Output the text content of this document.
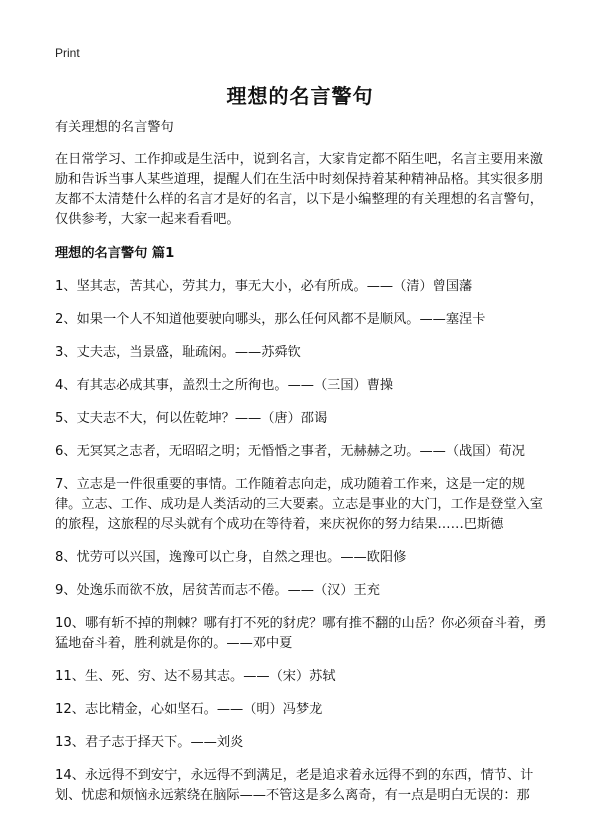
Print
理想的名言警句

有关理想的名言警句

在日常学习、工作抑或是生活中，说到名言，大家肯定都不陌生吧，名言主要用来激励和告诉当事人某些道理，提醒人们在生活中时刻保持着某种精神品格。其实很多朋友都不太清楚什么样的名言才是好的名言，以下是小编整理的有关理想的名言警句，仅供参考，大家一起来看看吧。

理想的名言警句 篇1

1、坚其志，苦其心，劳其力，事无大小，必有所成。——（清）曾国藩

2、如果一个人不知道他要驶向哪头，那么任何风都不是顺风。——塞涅卡

3、丈夫志，当景盛，耻疏闲。——苏舜钦

4、有其志必成其事，盖烈士之所徇也。——（三国）曹操

5、丈夫志不大，何以佐乾坤？——（唐）邵谒

6、无冥冥之志者，无昭昭之明；无惛惛之事者，无赫赫之功。——（战国）荀况

7、立志是一件很重要的事情。工作随着志向走，成功随着工作来，这是一定的规律。立志、工作、成功是人类活动的三大要素。立志是事业的大门，工作是登堂入室的旅程，这旅程的尽头就有个成功在等待着，来庆祝你的努力结果……巴斯德

8、忧劳可以兴国，逸豫可以亡身，自然之理也。——欧阳修

9、处逸乐而欲不放，居贫苦而志不倦。——（汉）王充

10、哪有斩不掉的荆棘？哪有打不死的豺虎？哪有推不翻的山岳？你必须奋斗着，勇猛地奋斗着，胜利就是你的。——邓中夏

11、生、死、穷、达不易其志。——（宋）苏轼

12、志比精金，心如坚石。——（明）冯梦龙

13、君子志于择天下。——刘炎

14、永远得不到安宁，永远得不到满足，老是追求着永远得不到的东西，情节、计划、忧虑和烦恼永远萦绕在脑际——不管这是多么离奇，有一点是明白无误的：那
